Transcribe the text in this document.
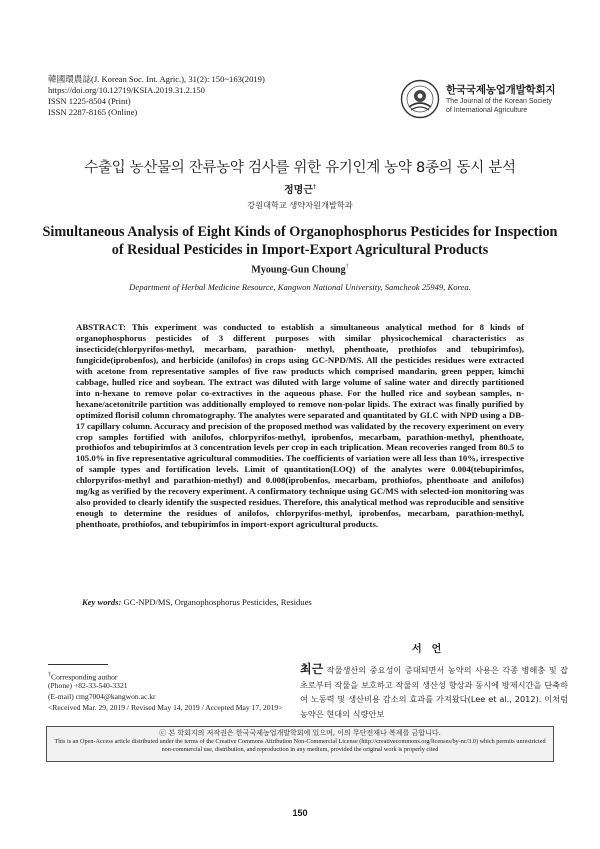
韓國環農誌(J. Korean Soc. Int. Agric.), 31(2): 150~163(2019)
https://doi.org/10.12719/KSIA.2019.31.2.150
ISSN 1225-8504 (Print)
ISSN 2287-8165 (Online)
한국국제농업개발학회지
The Journal of the Korean Society
of International Agriculture
수출입 농산물의 잔류농약 검사를 위한 유기인계 농약 8종의 동시 분석
정명근†
강원대학교 생약자원개발학과
Simultaneous Analysis of Eight Kinds of Organophosphorus Pesticides for Inspection of Residual Pesticides in Import-Export Agricultural Products
Myoung-Gun Choung†
Department of Herbal Medicine Resource, Kangwon National University, Samcheok 25949, Korea.

ABSTRACT: This experiment was conducted to establish a simultaneous analytical method for 8 kinds of organophosphorus pesticides of 3 different purposes with similar physicochemical characteristics as insecticide(chlorpyrifos-methyl, mecarbam, parathion- methyl, phenthoate, prothiofos and tebupirimfos), fungicide(iprobenfos), and herbicide (anilofos) in crops using GC-NPD/MS. All the pesticides residues were extracted with acetone from representative samples of five raw products which comprised mandarin, green pepper, kimchi cabbage, hulled rice and soybean. The extract was diluted with large volume of saline water and directly partitioned into n-hexane to remove polar co-extractives in the aqueous phase. For the hulled rice and soybean samples, n-hexane/acetonitrile partition was additionally employed to remove non-polar lipids. The extract was finally purified by optimized florisil column chromatography. The analytes were separated and quantitated by GLC with NPD using a DB-17 capillary column. Accuracy and precision of the proposed method was validated by the recovery experiment on every crop samples fortified with anilofos, chlorpyrifos-methyl, iprobenfos, mecarbam, parathion-methyl, phenthoate, prothiofos and tebupirimfos at 3 concentration levels per crop in each triplication. Mean recoveries ranged from 80.5 to 105.0% in five representative agricultural commodities. The coefficients of variation were all less than 10%, irrespective of sample types and fortification levels. Limit of quantitation(LOQ) of the analytes were 0.004(tebupirimfos, chlorpyrifos-methyl and parathion-methyl) and 0.008(iprobenfos, mecarbam, prothiofos, phenthoate and anilofos) mg/kg as verified by the recovery experiment. A confirmatory technique using GC/MS with selected-ion monitoring was also provided to clearly identify the suspected residues. Therefore, this analytical method was reproducible and sensitive enough to determine the residues of anilofos, chlorpyrifos-methyl, iprobenfos, mecarbam, parathion-methyl, phenthoate, prothiofos, and tebupirimfos in import-export agricultural products.

Key words: GC-NPD/MS, Organophosphorus Pesticides, Residues
서언
†Corresponding author
(Phone) +82-33-540-3321
(E-mail) cmg7004@kangwon.ac.kr
<Received Mar. 29, 2019 / Revised May 14, 2019 / Accepted May 17, 2019>

최근 작물생산의 중요성이 증대되면서 농약의 사용은 각종 병해충 및 잡초로부터 작물을 보호하고 작물의 생산성 향상과 동시에 방제시간을 단축하여 노동력 및 생산비용 감소의 효과를 가져왔다(Lee et al., 2012). 이처럼 농약은 현대의 식량안보

ⓒ 본 학회지의 저작권은 한국국제농업개발학회에 있으며, 이의 무단전재나 복제를 금합니다.
This is an Open-Access article distributed under the terms of the Creative Commons Attribution Non-Commercial License (http://creativecommons.org/licenses/by-nc/3.0) which permits unrestricted non-commercial use, distribution, and reproduction in any medium, provided the original work is properly cited
150
